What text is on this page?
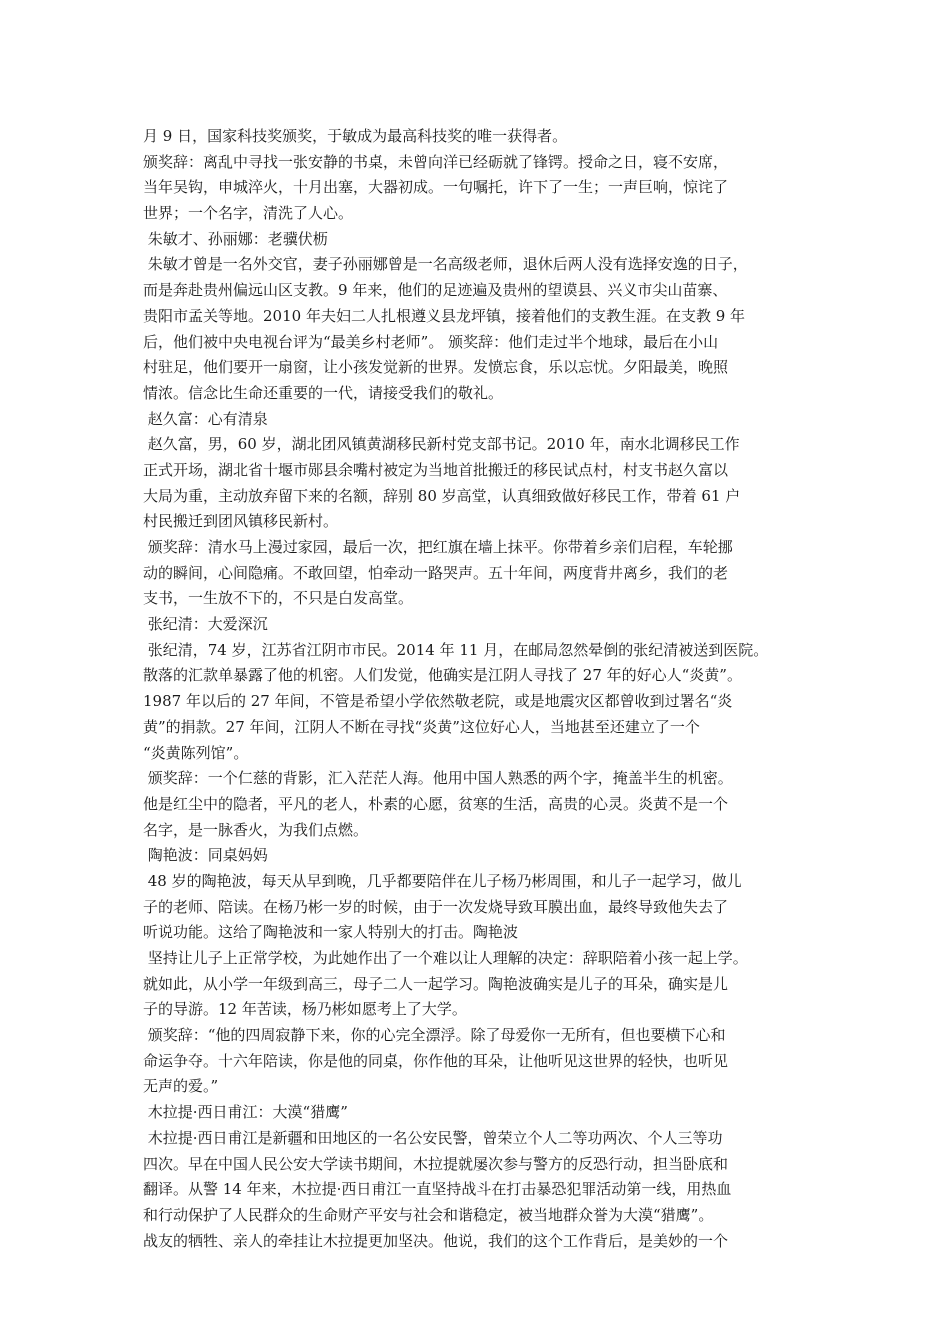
月 9 日，国家科技奖颁奖，于敏成为最高科技奖的唯一获得者。
颁奖辞：离乱中寻找一张安静的书桌，未曾向洋已经砺就了锋锷。授命之日，寝不安席，
当年吴钩，申城淬火，十月出塞，大器初成。一句嘱托，许下了一生；一声巨响，惊诧了
世界；一个名字，清洗了人心。
朱敏才、孙丽娜：老骥伏枥
朱敏才曾是一名外交官，妻子孙丽娜曾是一名高级老师，退休后两人没有选择安逸的日子，
而是奔赴贵州偏远山区支教。9 年来，他们的足迹遍及贵州的望谟县、兴义市尖山苗寨、
贵阳市孟关等地。2010 年夫妇二人扎根遵义县龙坪镇，接着他们的支教生涯。在支教 9 年
后，他们被中央电视台评为“最美乡村老师”。 颁奖辞：他们走过半个地球，最后在小山
村驻足，他们要开一扇窗，让小孩发觉新的世界。发愤忘食，乐以忘忧。夕阳最美，晚照
情浓。信念比生命还重要的一代，请接受我们的敬礼。
赵久富：心有清泉
赵久富，男，60 岁，湖北团风镇黄湖移民新村党支部书记。2010 年，南水北调移民工作
正式开场，湖北省十堰市郧县余嘴村被定为当地首批搬迁的移民试点村，村支书赵久富以
大局为重，主动放弃留下来的名额，辞别 80 岁高堂，认真细致做好移民工作，带着 61 户
村民搬迁到团风镇移民新村。
颁奖辞：清水马上漫过家园，最后一次，把红旗在墙上抹平。你带着乡亲们启程，车轮挪
动的瞬间，心间隐痛。不敢回望，怕牵动一路哭声。五十年间，两度背井离乡，我们的老
支书，一生放不下的，不只是白发高堂。
张纪清：大爱深沉
张纪清，74 岁，江苏省江阴市市民。2014 年 11 月，在邮局忽然晕倒的张纪清被送到医院。
散落的汇款单暴露了他的机密。人们发觉，他确实是江阴人寻找了 27 年的好心人“炎黄”。
1987 年以后的 27 年间，不管是希望小学依然敬老院，或是地震灾区都曾收到过署名“炎
黄”的捐款。27 年间，江阴人不断在寻找“炎黄”这位好心人，当地甚至还建立了一个
“炎黄陈列馆”。
颁奖辞：一个仁慈的背影，汇入茫茫人海。他用中国人熟悉的两个字，掩盖半生的机密。
他是红尘中的隐者，平凡的老人，朴素的心愿，贫寒的生活，高贵的心灵。炎黄不是一个
名字，是一脉香火，为我们点燃。
陶艳波：同桌妈妈
48 岁的陶艳波，每天从早到晚，几乎都要陪伴在儿子杨乃彬周围，和儿子一起学习，做儿
子的老师、陪读。在杨乃彬一岁的时候，由于一次发烧导致耳膜出血，最终导致他失去了
听说功能。这给了陶艳波和一家人特别大的打击。陶艳波
坚持让儿子上正常学校，为此她作出了一个难以让人理解的决定：辞职陪着小孩一起上学。
就如此，从小学一年级到高三，母子二人一起学习。陶艳波确实是儿子的耳朵，确实是儿
子的导游。12 年苦读，杨乃彬如愿考上了大学。
颁奖辞：“他的四周寂静下来，你的心完全漂浮。除了母爱你一无所有，但也要横下心和
命运争夺。十六年陪读，你是他的同桌，你作他的耳朵，让他听见这世界的轻快，也听见
无声的爱。”
木拉提·西日甫江：大漠“猎鹰”
木拉提·西日甫江是新疆和田地区的一名公安民警，曾荣立个人二等功两次、个人三等功
四次。早在中国人民公安大学读书期间，木拉提就屡次参与警方的反恐行动，担当卧底和
翻译。从警 14 年来，木拉提·西日甫江一直坚持战斗在打击暴恐犯罪活动第一线，用热血
和行动保护了人民群众的生命财产平安与社会和谐稳定，被当地群众誉为大漠“猎鹰”。
战友的牺牲、亲人的牵挂让木拉提更加坚决。他说，我们的这个工作背后，是美妙的一个
